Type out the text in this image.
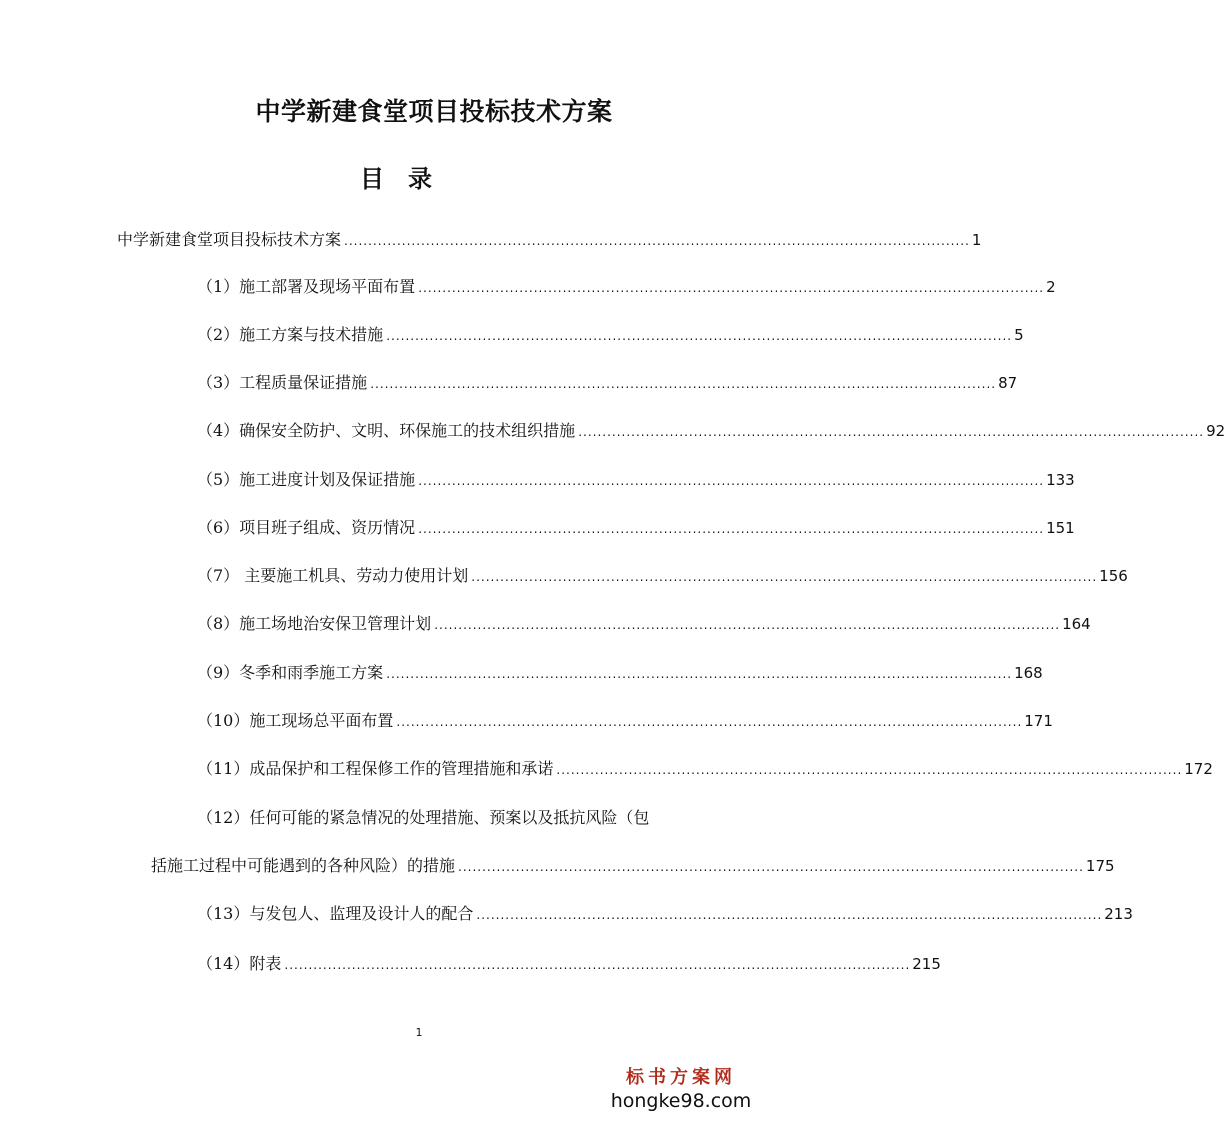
中学新建食堂项目投标技术方案
目录
中学新建食堂项目投标技术方案 .................................................................................................................................. 1
（1）施工部署及现场平面布置 .................................................................................................................................. 2
（2）施工方案与技术措施 .................................................................................................................................. 5
（3）工程质量保证措施 .................................................................................................................................. 87
（4）确保安全防护、文明、环保施工的技术组织措施 .................................................................................................................................. 92
（5）施工进度计划及保证措施 .................................................................................................................................. 133
（6）项目班子组成、资历情况 .................................................................................................................................. 151
（7） 主要施工机具、劳动力使用计划 .................................................................................................................................. 156
（8）施工场地治安保卫管理计划 .................................................................................................................................. 164
（9）冬季和雨季施工方案 .................................................................................................................................. 168
（10）施工现场总平面布置 .................................................................................................................................. 171
（11）成品保护和工程保修工作的管理措施和承诺 .................................................................................................................................. 172
（12）任何可能的紧急情况的处理措施、预案以及抵抗风险（包
括施工过程中可能遇到的各种风险）的措施 .................................................................................................................................. 175
（13）与发包人、监理及设计人的配合 .................................................................................................................................. 213
（14）附表 .................................................................................................................................. 215
1
标书方案网
hongke98.com
